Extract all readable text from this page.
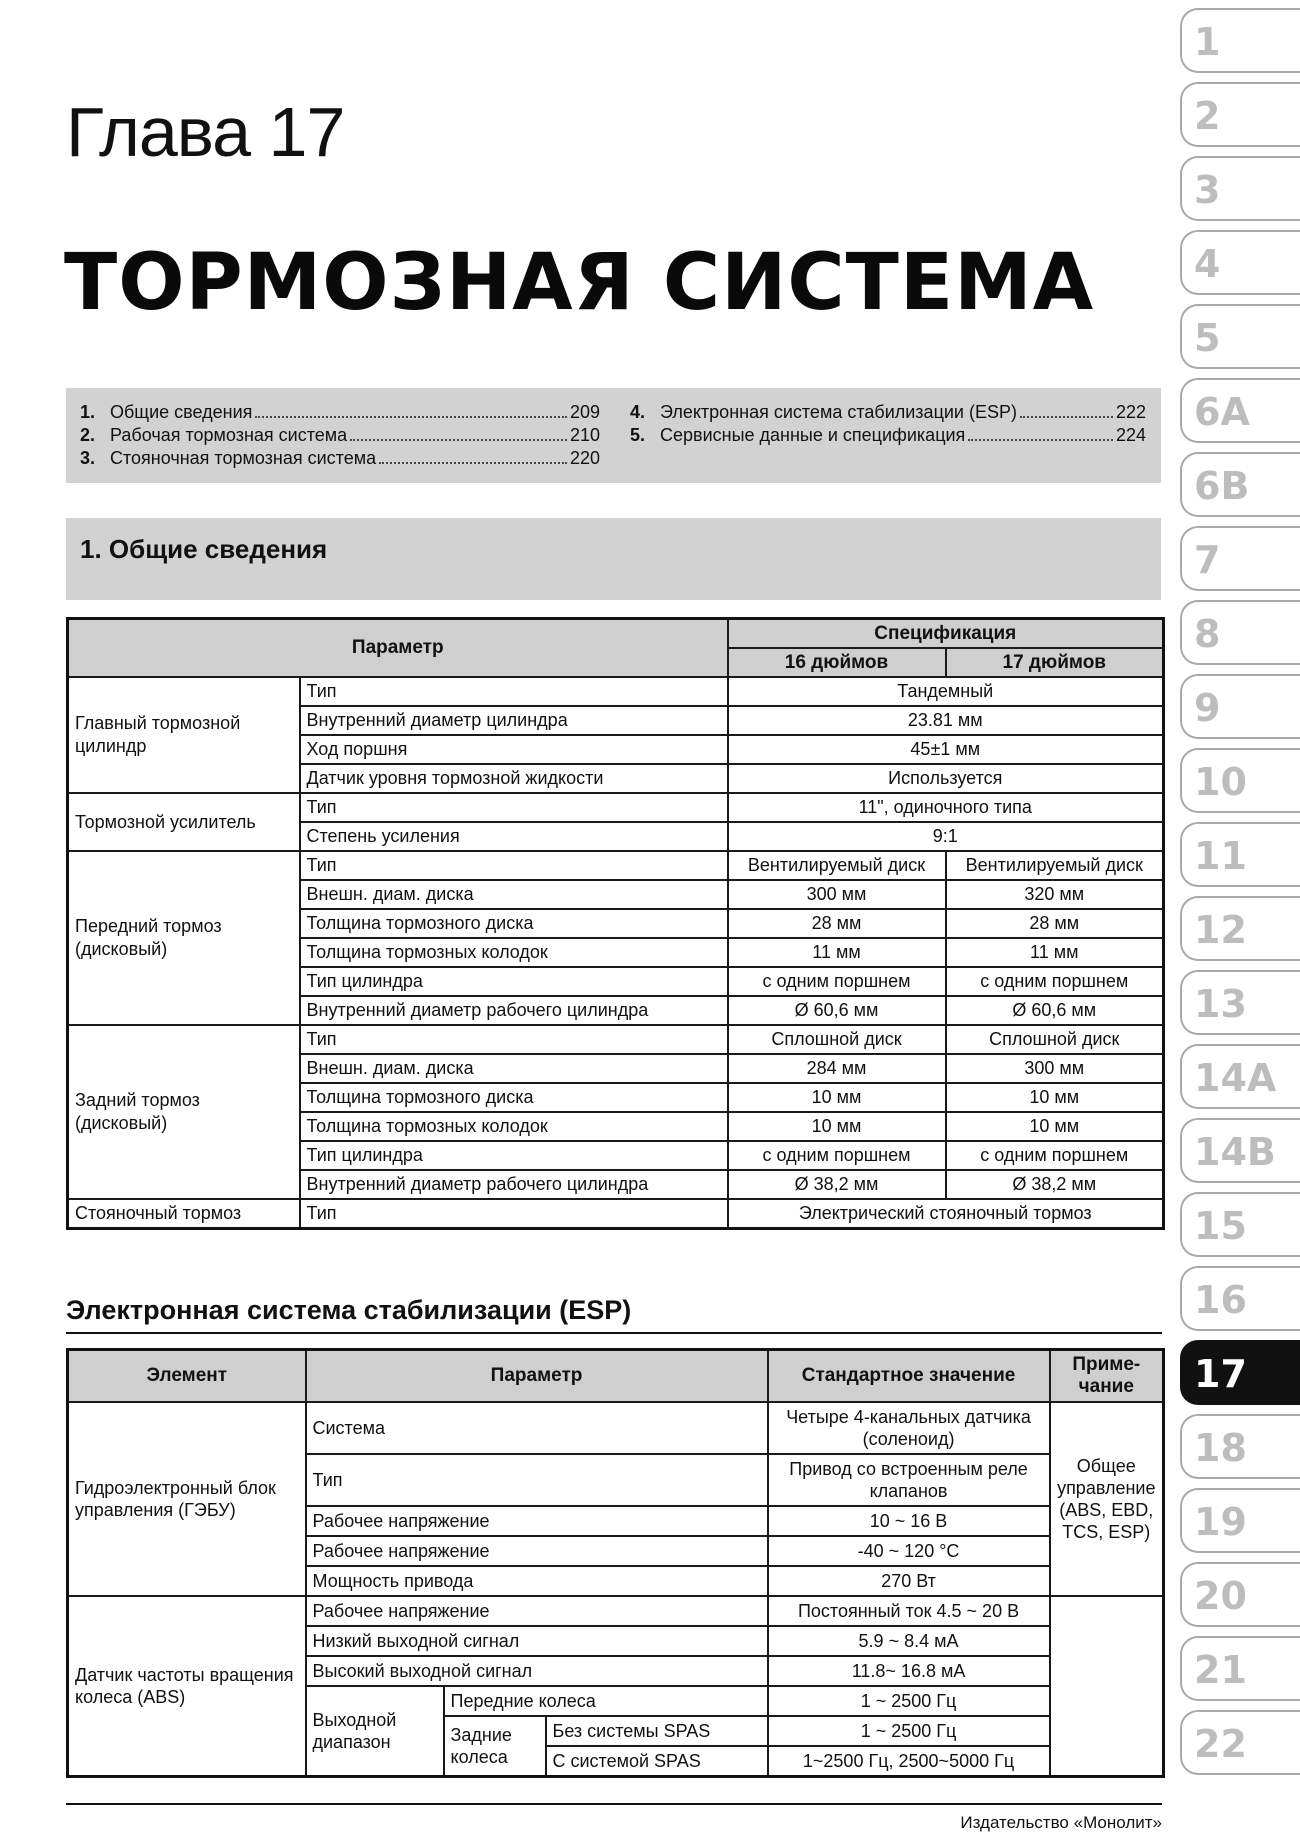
Глава 17
ТОРМОЗНАЯ СИСТЕМА
1. Общие сведения	209
2. Рабочая тормозная система	210
3. Стояночная тормозная система	220
4. Электронная система стабилизации (ESP)	222
5. Сервисные данные и спецификация	224
1. Общие сведения
Параметр		Спецификация	
		16 дюймов	17 дюймов
Главный тормозной цилиндр	Тип	Тандемный	
	Внутренний диаметр цилиндра	23.81 мм	
	Ход поршня	45±1 мм	
	Датчик уровня тормозной жидкости	Используется	
Тормозной усилитель	Тип	11", одиночного типа	
	Степень усиления	9:1	
Передний тормоз (дисковый)	Тип	Вентилируемый диск	Вентилируемый диск
	Внешн. диам. диска	300 мм	320 мм
	Толщина тормозного диска	28 мм	28 мм
	Толщина тормозных колодок	11 мм	11 мм
	Тип цилиндра	с одним поршнем	с одним поршнем
	Внутренний диаметр рабочего цилиндра	Ø 60,6 мм	Ø 60,6 мм
Задний тормоз (дисковый)	Тип	Сплошной диск	Сплошной диск
	Внешн. диам. диска	284 мм	300 мм
	Толщина тормозного диска	10 мм	10 мм
	Толщина тормозных колодок	10 мм	10 мм
	Тип цилиндра	с одним поршнем	с одним поршнем
	Внутренний диаметр рабочего цилиндра	Ø 38,2 мм	Ø 38,2 мм
Стояночный тормоз	Тип	Электрический стояночный тормоз	
Электронная система стабилизации (ESP)
Элемент	Параметр			Стандартное значение	Приме-чание
Гидроэлектронный блок управления (ГЭБУ)	Система			Четыре 4-канальных датчика (соленоид)	Общее управление (ABS, EBD, TCS, ESP)
	Тип			Привод со встроенным реле клапанов	
	Рабочее напряжение			10 ~ 16 В	
	Рабочее напряжение			-40 ~ 120 °С	
	Мощность привода			270 Вт	
Датчик частоты вращения колеса (ABS)	Рабочее напряжение			Постоянный ток 4.5 ~ 20 В	
	Низкий выходной сигнал			5.9 ~ 8.4 мА	
	Высокий выходной сигнал			11.8~ 16.8 мА	
	Выходной диапазон	Передние колеса		1 ~ 2500 Гц	
		Задние колеса	Без системы SPAS	1 ~ 2500 Гц	
			С системой SPAS	1~2500 Гц, 2500~5000 Гц	
Издательство «Монолит»
1
2
3
4
5
6A
6B
7
8
9
10
11
12
13
14A
14B
15
16
17
18
19
20
21
22
